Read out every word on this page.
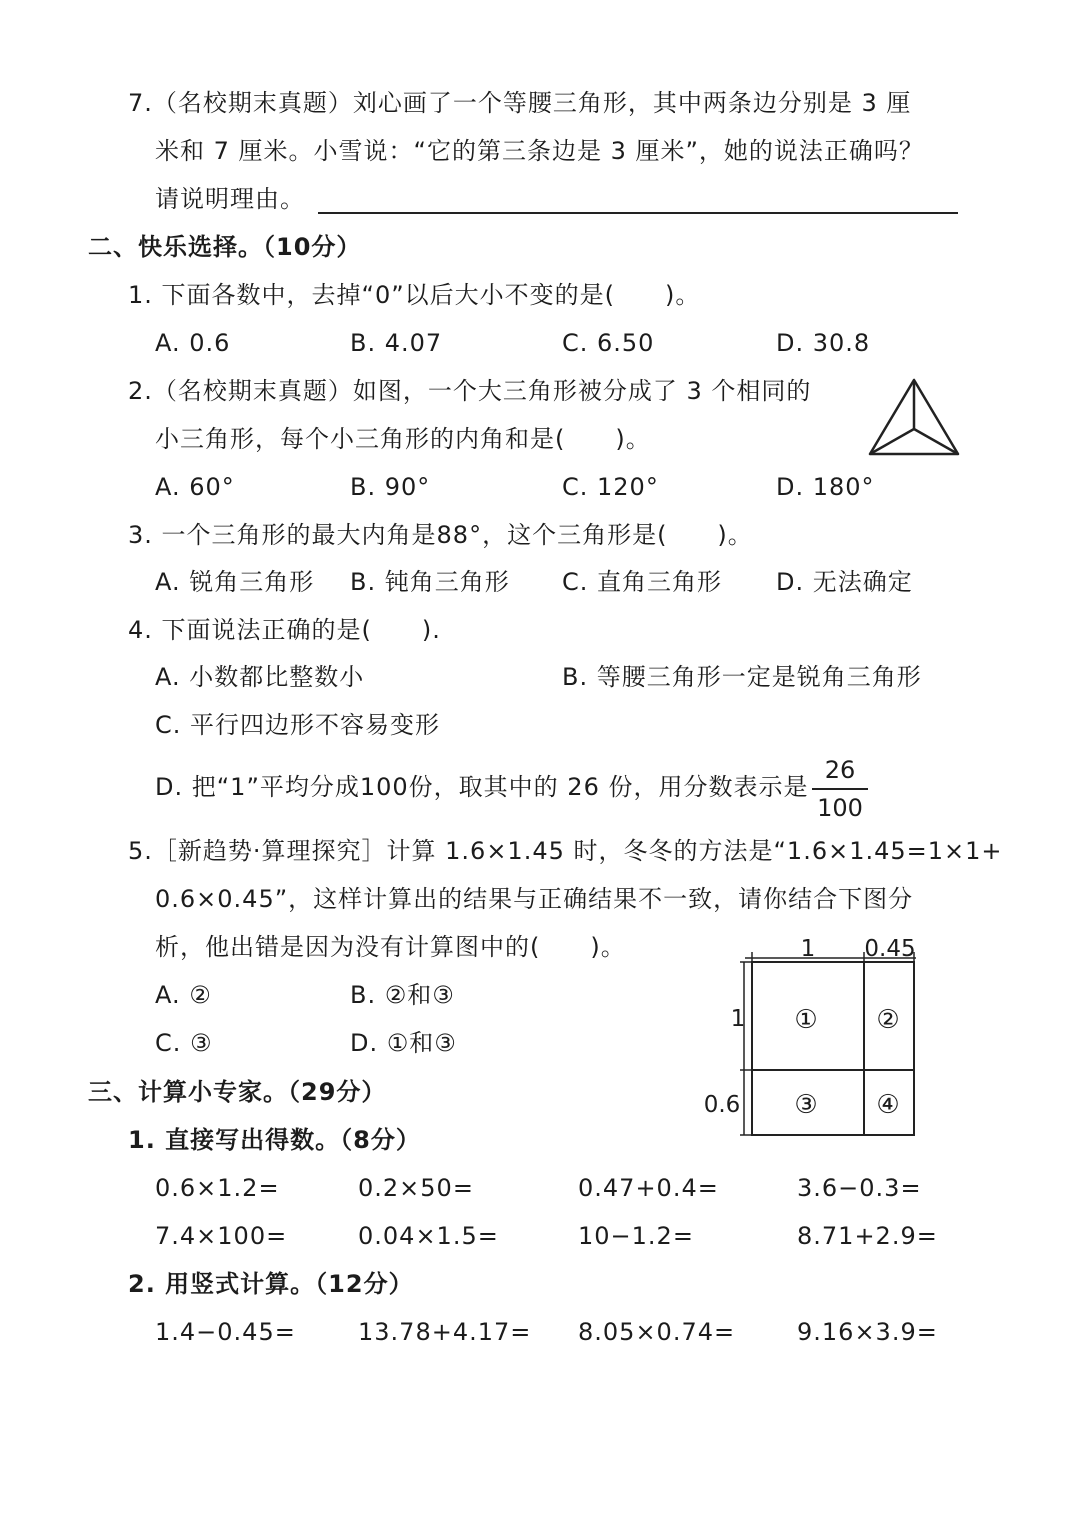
7.（名校期末真题）刘心画了一个等腰三角形，其中两条边分别是 3 厘
米和 7 厘米。小雪说：“它的第三条边是 3 厘米”，她的说法正确吗？
请说明理由。
二、快乐选择。（10分）
1. 下面各数中，去掉“0”以后大小不变的是(　　)。
A. 0.6	B. 4.07	C. 6.50	D. 30.8
2.（名校期末真题）如图，一个大三角形被分成了 3 个相同的
小三角形，每个小三角形的内角和是(　　)。
A. 60°	B. 90°	C. 120°	D. 180°
3. 一个三角形的最大内角是88°，这个三角形是(　　)。
A. 锐角三角形 B. 钝角三角形 C. 直角三角形 D. 无法确定
4. 下面说法正确的是(　　).
A. 小数都比整数小	B. 等腰三角形一定是锐角三角形
C. 平行四边形不容易变形
D. 把“1”平均分成100份，取其中的 26 份，用分数表示是
26
100
5.［新趋势·算理探究］计算 1.6×1.45 时，冬冬的方法是“1.6×1.45=1×1+
0.6×0.45”，这样计算出的结果与正确结果不一致，请你结合下图分
析，他出错是因为没有计算图中的(　　)。
A. ②	B. ②和③
C. ③	D. ①和③
1 0.45
1
0.6
① ②
③ ④
三、计算小专家。（29分）
1. 直接写出得数。（8分）
0.6×1.2=	0.2×50=	0.47+0.4=	3.6−0.3=
7.4×100=	0.04×1.5=	10−1.2=	8.71+2.9=
2. 用竖式计算。（12分）
1.4−0.45=	13.78+4.17= 8.05×0.74=	9.16×3.9=
